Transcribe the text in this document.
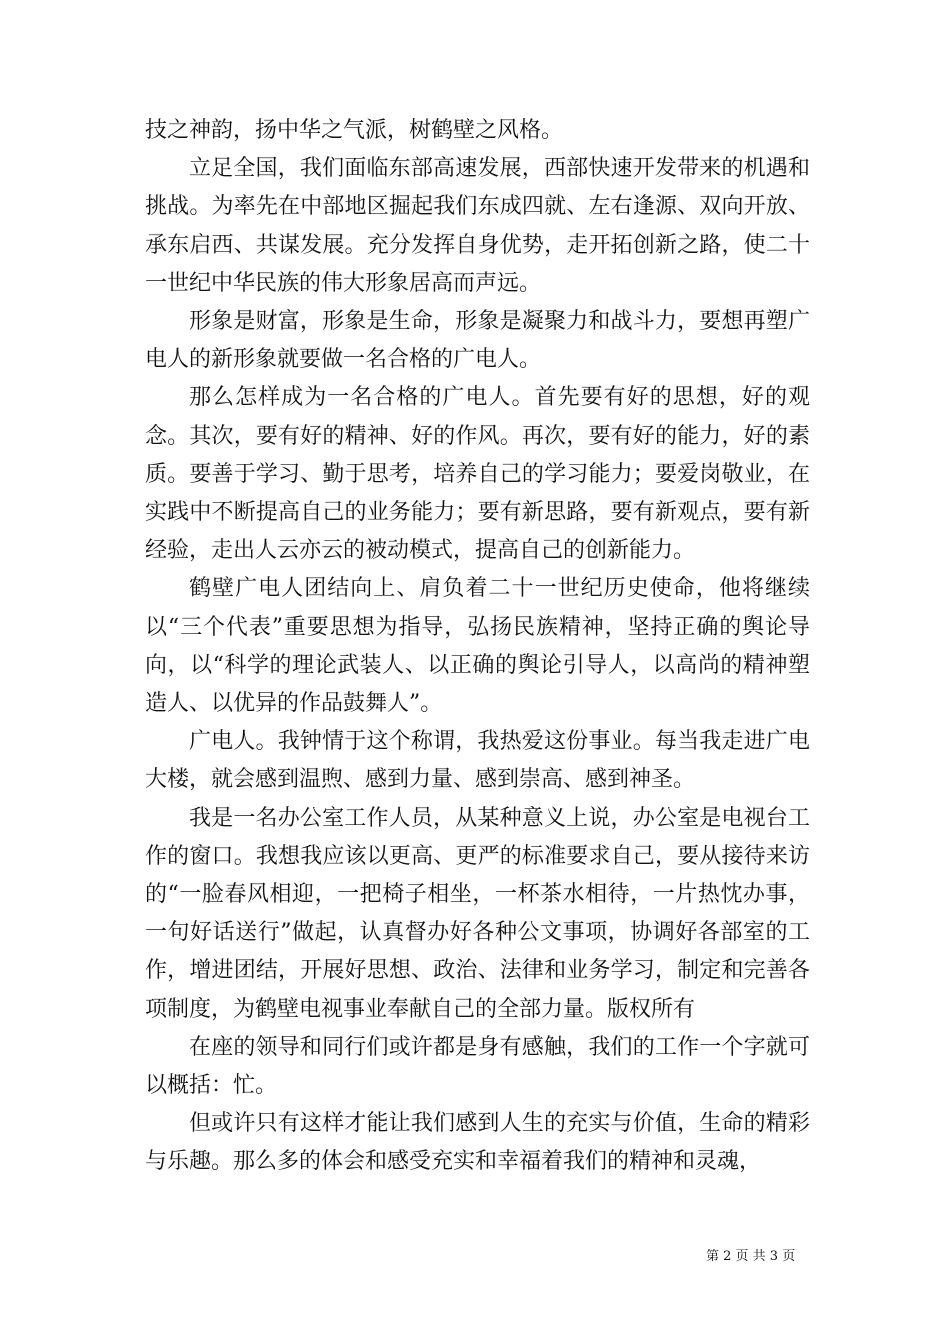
技之神韵，扬中华之气派，树鹤壁之风格。

立足全国，我们面临东部高速发展，西部快速开发带来的机遇和挑战。为率先在中部地区掘起我们东成四就、左右逢源、双向开放、承东启西、共谋发展。充分发挥自身优势，走开拓创新之路，使二十一世纪中华民族的伟大形象居高而声远。

形象是财富，形象是生命，形象是凝聚力和战斗力，要想再塑广电人的新形象就要做一名合格的广电人。

那么怎样成为一名合格的广电人。首先要有好的思想，好的观念。其次，要有好的精神、好的作风。再次，要有好的能力，好的素质。要善于学习、勤于思考，培养自己的学习能力；要爱岗敬业，在实践中不断提高自己的业务能力；要有新思路，要有新观点，要有新经验，走出人云亦云的被动模式，提高自己的创新能力。

鹤壁广电人团结向上、肩负着二十一世纪历史使命，他将继续以“三个代表”重要思想为指导，弘扬民族精神，坚持正确的舆论导向，以“科学的理论武装人、以正确的舆论引导人，以高尚的精神塑造人、以优异的作品鼓舞人”。

广电人。我钟情于这个称谓，我热爱这份事业。每当我走进广电大楼，就会感到温煦、感到力量、感到崇高、感到神圣。

我是一名办公室工作人员，从某种意义上说，办公室是电视台工作的窗口。我想我应该以更高、更严的标准要求自己，要从接待来访的“一脸春风相迎，一把椅子相坐，一杯茶水相待，一片热忱办事，一句好话送行”做起，认真督办好各种公文事项，协调好各部室的工作，增进团结，开展好思想、政治、法律和业务学习，制定和完善各项制度，为鹤壁电视事业奉献自己的全部力量。版权所有

在座的领导和同行们或许都是身有感触，我们的工作一个字就可以概括：忙。

但或许只有这样才能让我们感到人生的充实与价值，生命的精彩与乐趣。那么多的体会和感受充实和幸福着我们的精神和灵魂，

第 2 页 共 3 页
